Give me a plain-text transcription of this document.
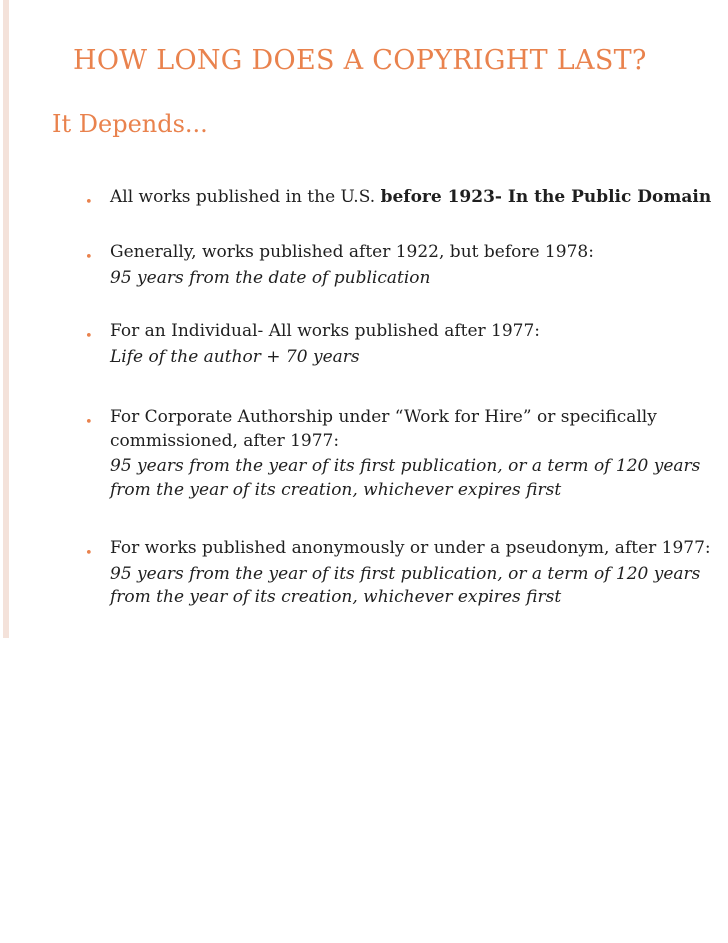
HOW LONG DOES A COPYRIGHT LAST?
It Depends...
• All works published in the U.S. before 1923- In the Public Domain
• Generally, works published after 1922, but before 1978:
95 years from the date of publication
• For an Individual- All works published after 1977:
Life of the author + 70 years
• For Corporate Authorship under “Work for Hire” or specifically
commissioned, after 1977:
95 years from the year of its first publication, or a term of 120 years
from the year of its creation, whichever expires first
• For works published anonymously or under a pseudonym, after 1977:
95 years from the year of its first publication, or a term of 120 years
from the year of its creation, whichever expires first
